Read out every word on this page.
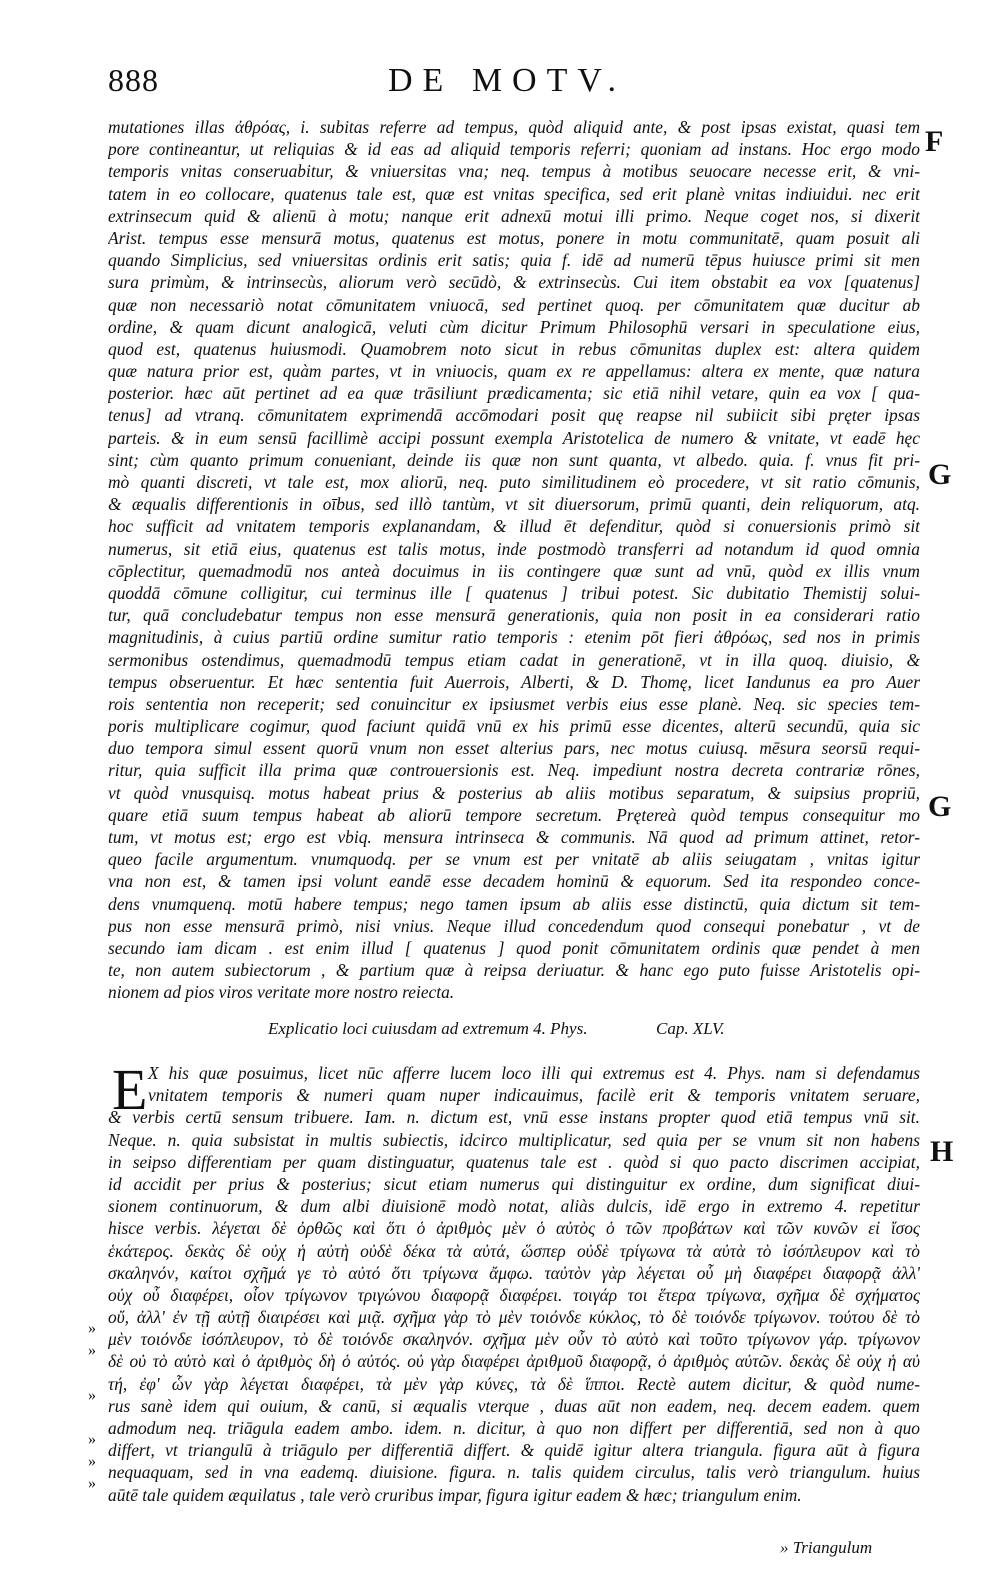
888	DE MOTV.
F
G
G
H
mutationes illas ἀθρόας, i. subitas referre ad tempus, quòd aliquid ante, & post ipsas existat, quasi tem
pore contineantur, ut reliquias & id eas ad aliquid temporis referri; quoniam ad instans. Hoc ergo modo
temporis vnitas conseruabitur, & vniuersitas vna; neq. tempus à motibus seuocare necesse erit, & vni-
tatem in eo collocare, quatenus tale est, quæ est vnitas specifica, sed erit planè vnitas indiuidui. nec erit
extrinsecum quid & alienū à motu; nanque erit adnexū motui illi primo. Neque coget nos, si dixerit
Arist. tempus esse mensurā motus, quatenus est motus, ponere in motu communitatē, quam posuit ali
quando Simplicius, sed vniuersitas ordinis erit satis; quia f. idē ad numerū tēpus huiusce primi sit men
sura primùm, & intrinsecùs, aliorum verò secūdò, & extrinsecùs. Cui item obstabit ea vox [quatenus]
quæ non necessariò notat cōmunitatem vniuocā, sed pertinet quoq. per cōmunitatem quæ ducitur ab
ordine, & quam dicunt analogicā, veluti cùm dicitur Primum Philosophū versari in speculatione eius,
quod est, quatenus huiusmodi. Quamobrem noto sicut in rebus cōmunitas duplex est: altera quidem
quæ natura prior est, quàm partes, vt in vniuocis, quam ex re appellamus: altera ex mente, quæ natura
posterior. hæc aūt pertinet ad ea quæ trāsiliunt prædicamenta; sic etiā nihil vetare, quin ea vox [ qua-
tenus] ad vtranq. cōmunitatem exprimendā accōmodari posit quę reapse nil subiicit sibi pręter ipsas
parteis. & in eum sensū facillimè accipi possunt exempla Aristotelica de numero & vnitate, vt eadē hęc
sint; cùm quanto primum conueniant, deinde iis quæ non sunt quanta, vt albedo. quia. f. vnus fit pri-
mò quanti discreti, vt tale est, mox aliorū, neq. puto similitudinem eò procedere, vt sit ratio cōmunis,
& æqualis differentionis in oībus, sed illò tantùm, vt sit diuersorum, primū quanti, dein reliquorum, atq.
hoc sufficit ad vnitatem temporis explanandam, & illud ēt defenditur, quòd si conuersionis primò sit
numerus, sit etiā eius, quatenus est talis motus, inde postmodò transferri ad notandum id quod omnia
cōplectitur, quemadmodū nos anteà docuimus in iis contingere quæ sunt ad vnū, quòd ex illis vnum
quoddā cōmune colligitur, cui terminus ille [ quatenus ] tribui potest. Sic dubitatio Themistij solui-
tur, quā concludebatur tempus non esse mensurā generationis, quia non posit in ea considerari ratio
magnitudinis, à cuius partiū ordine sumitur ratio temporis : etenim pōt fieri ἀθρόως, sed nos in primis
sermonibus ostendimus, quemadmodū tempus etiam cadat in generationē, vt in illa quoq. diuisio, &
tempus obseruentur. Et hæc sententia fuit Auerrois, Alberti, & D. Thomę, licet Iandunus ea pro Auer
rois sententia non receperit; sed conuincitur ex ipsiusmet verbis eius esse planè. Neq. sic species tem-
poris multiplicare cogimur, quod faciunt quidā vnū ex his primū esse dicentes, alterū secundū, quia sic
duo tempora simul essent quorū vnum non esset alterius pars, nec motus cuiusq. mēsura seorsū requi-
ritur, quia sufficit illa prima quæ controuersionis est. Neq. impediunt nostra decreta contrariæ rōnes,
vt quòd vnusquisq. motus habeat prius & posterius ab aliis motibus separatum, & suipsius propriū,
quare etiā suum tempus habeat ab aliorū tempore secretum. Prętereà quòd tempus consequitur mo
tum, vt motus est; ergo est vbiq. mensura intrinseca & communis. Nā quod ad primum attinet, retor-
queo facile argumentum. vnumquodq. per se vnum est per vnitatē ab aliis seiugatam , vnitas igitur
vna non est, & tamen ipsi volunt eandē esse decadem hominū & equorum. Sed ita respondeo conce-
dens vnumquenq. motū habere tempus; nego tamen ipsum ab aliis esse distinctū, quia dictum sit tem-
pus non esse mensurā primò, nisi vnius. Neque illud concedendum quod consequi ponebatur , vt de
secundo iam dicam . est enim illud [ quatenus ] quod ponit cōmunitatem ordinis quæ pendet à men
te, non autem subiectorum , & partium quæ à reipsa deriuatur. & hanc ego puto fuisse Aristotelis opi-
nionem ad pios viros veritate more nostro reiecta.
Explicatio loci cuiusdam ad extremum 4. Phys.	Cap. XLV.
E X his quæ posuimus, licet nūc afferre lucem loco illi qui extremus est 4. Phys. nam si defendamus
vnitatem temporis & numeri quam nuper indicauimus, facilè erit & temporis vnitatem seruare,
& verbis certū sensum tribuere. Iam. n. dictum est, vnū esse instans propter quod etiā tempus vnū sit.
Neque. n. quia subsistat in multis subiectis, idcirco multiplicatur, sed quia per se vnum sit non habens
in seipso differentiam per quam distinguatur, quatenus tale est . quòd si quo pacto discrimen accipiat,
id accidit per prius & posterius; sicut etiam numerus qui distinguitur ex ordine, dum significat diui-
sionem continuorum, & dum albi diuisionē modò notat, aliàs dulcis, idē ergo in extremo 4. repetitur
hisce verbis. λέγεται δὲ ὀρθῶς καὶ ὅτι ὁ ἀριθμὸς μὲν ὁ αὐτὸς ὁ τῶν προβάτων καὶ τῶν κυνῶν εἰ ἴσος
ἑκάτερος. δεκὰς δὲ οὐχ ἡ αὐτὴ οὐδὲ δέκα τὰ αὐτά, ὥσπερ οὐδὲ τρίγωνα τὰ αὐτὰ τὸ ἰσόπλευρον καὶ τὸ
σκαληνόν, καίτοι σχῆμά γε τὸ αὐτό ὅτι τρίγωνα ἄμφω. ταὐτὸν γὰρ λέγεται οὗ μὴ διαφέρει διαφορᾷ ἀλλ'
οὐχ οὗ διαφέρει, οἷον τρίγωνον τριγώνου διαφορᾷ διαφέρει. τοιγάρ τοι ἕτερα τρίγωνα, σχῆμα δὲ σχήματος
οὔ, ἀλλ' ἐν τῇ αὐτῇ διαιρέσει καὶ μιᾷ. σχῆμα γὰρ τὸ μὲν τοιόνδε κύκλος, τὸ δὲ τοιόνδε τρίγωνον. τούτου δὲ τὸ
μὲν τοιόνδε ἰσόπλευρον, τὸ δὲ τοιόνδε σκαληνόν. σχῆμα μὲν οὖν τὸ αὐτὸ καὶ τοῦτο τρίγωνον γάρ. τρίγωνον
δὲ οὐ τὸ αὐτὸ καὶ ὁ ἀριθμὸς δὴ ὁ αὐτός. οὐ γὰρ διαφέρει ἀριθμοῦ διαφορᾷ, ὁ ἀριθμὸς αὐτῶν. δεκὰς δὲ οὐχ ἡ αὐ
τή, ἐφ' ὧν γὰρ λέγεται διαφέρει, τὰ μὲν γὰρ κύνες, τὰ δὲ ἵπποι. Rectè autem dicitur, & quòd nume-
rus sanè idem qui ouium, & canū, si æqualis vterque , duas aūt non eadem, neq. decem eadem. quem
admodum neq. triāgula eadem ambo. idem. n. dicitur, à quo non differt per differentiā, sed non à quo
differt, vt triangulū à triāgulo per differentiā differt. & quidē igitur altera triangula. figura aūt à figura
nequaquam, sed in vna eademq. diuisione. figura. n. talis quidem circulus, talis verò triangulum. huius
aūtē tale quidem æquilatus , tale verò cruribus impar, figura igitur eadem & hæc; triangulum enim.
»
»
»
»
»
»
» Triangulum
